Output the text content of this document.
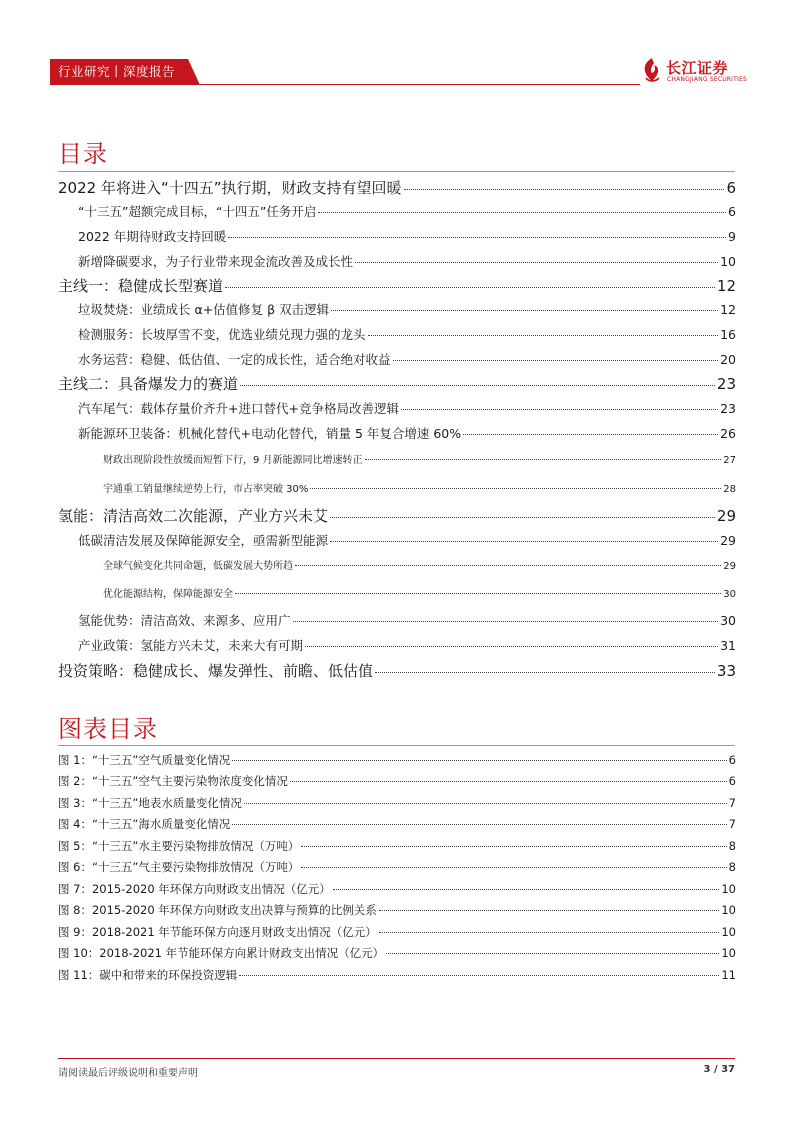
行业研究丨深度报告	长江证券
CHANGJIANG SECURITIES
目录
2022 年将进入“十四五”执行期，财政支持有望回暖	6
“十三五”超额完成目标，“十四五”任务开启	6
2022 年期待财政支持回暖	9
新增降碳要求，为子行业带来现金流改善及成长性	10
主线一：稳健成长型赛道	12
垃圾焚烧：业绩成长 α+估值修复 β 双击逻辑	12
检测服务：长坡厚雪不变，优选业绩兑现力强的龙头	16
水务运营：稳健、低估值、一定的成长性，适合绝对收益	20
主线二：具备爆发力的赛道	23
汽车尾气：载体存量价齐升+进口替代+竞争格局改善逻辑	23
新能源环卫装备：机械化替代+电动化替代，销量 5 年复合增速 60%	26
财政出现阶段性放缓而短暂下行，9 月新能源同比增速转正	27
宇通重工销量继续逆势上行，市占率突破 30%	28
氢能：清洁高效二次能源，产业方兴未艾	29
低碳清洁发展及保障能源安全，亟需新型能源	29
全球气候变化共同命题，低碳发展大势所趋	29
优化能源结构，保障能源安全	30
氢能优势：清洁高效、来源多、应用广	30
产业政策：氢能方兴未艾，未来大有可期	31
投资策略：稳健成长、爆发弹性、前瞻、低估值	33
图表目录
图 1：“十三五”空气质量变化情况	6
图 2：“十三五”空气主要污染物浓度变化情况	6
图 3：“十三五”地表水质量变化情况	7
图 4：“十三五”海水质量变化情况	7
图 5：“十三五”水主要污染物排放情况（万吨）	8
图 6：“十三五”气主要污染物排放情况（万吨）	8
图 7：2015-2020 年环保方向财政支出情况（亿元）	10
图 8：2015-2020 年环保方向财政支出决算与预算的比例关系	10
图 9：2018-2021 年节能环保方向逐月财政支出情况（亿元）	10
图 10：2018-2021 年节能环保方向累计财政支出情况（亿元）	10
图 11：碳中和带来的环保投资逻辑	11
请阅读最后评级说明和重要声明	3 / 37
